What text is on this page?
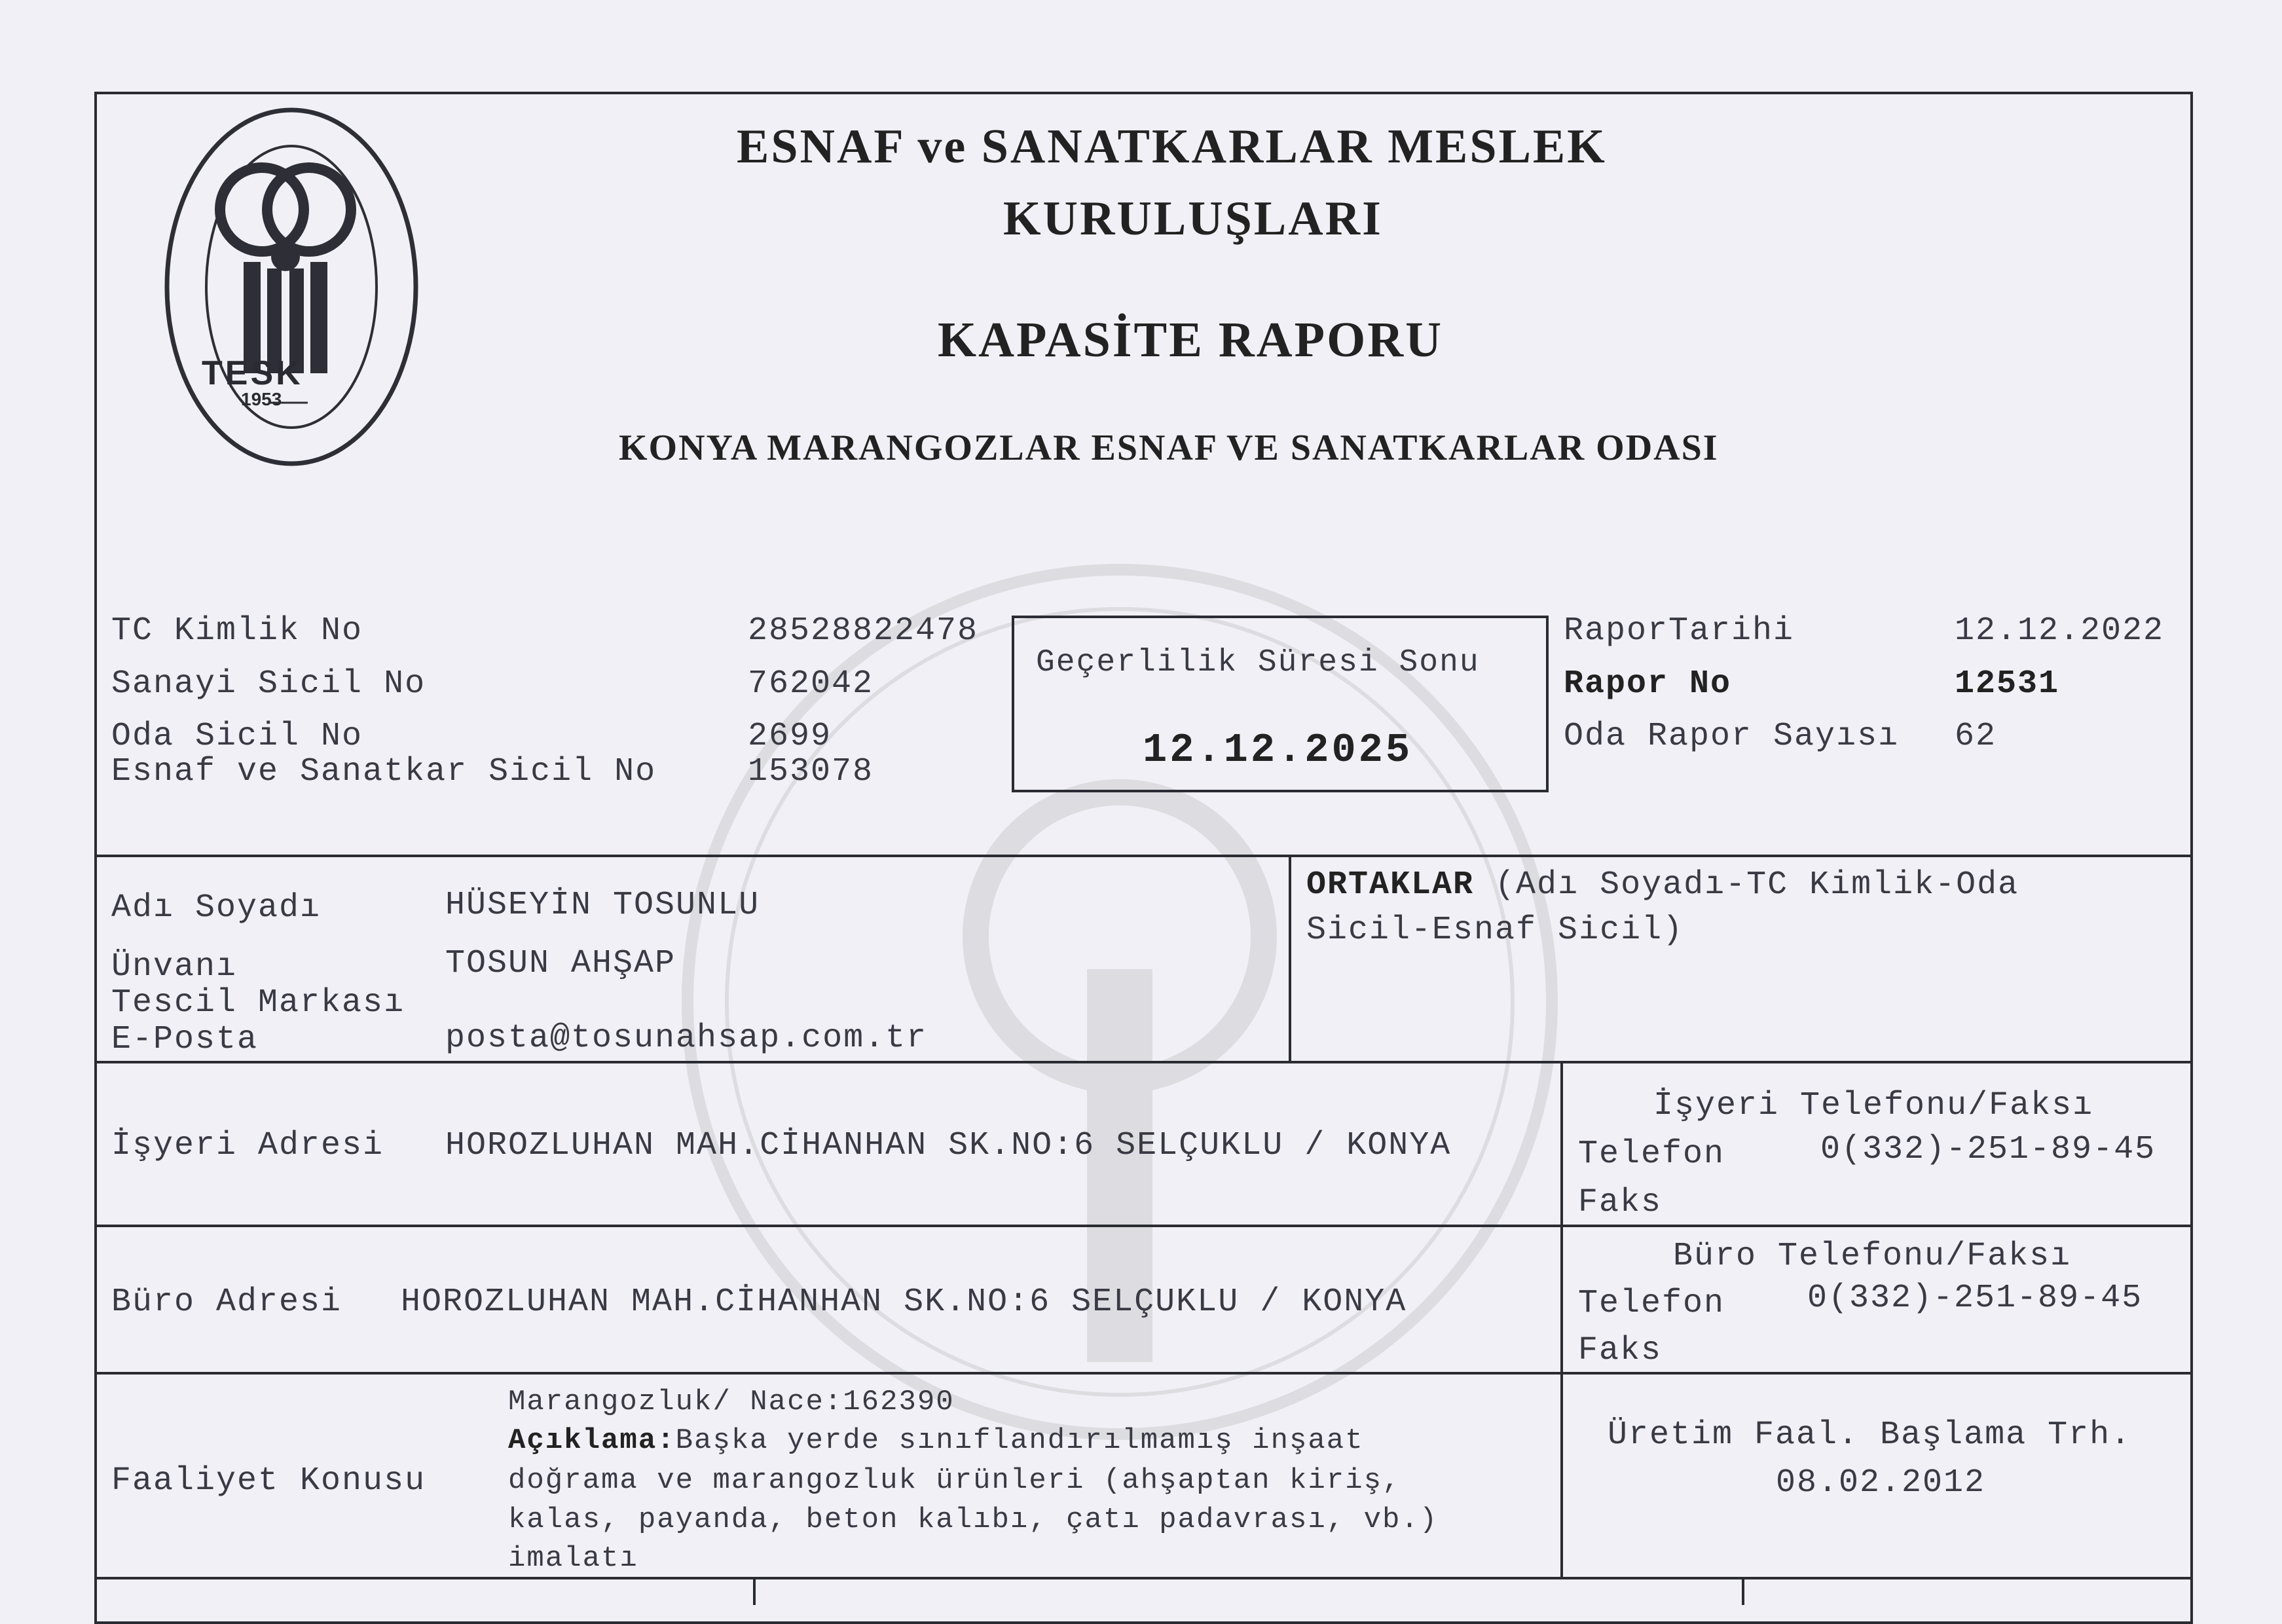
TESK
1953
ESNAF ve SANATKARLAR MESLEK
KURULUŞLARI
KAPASİTE RAPORU
KONYA MARANGOZLAR ESNAF VE SANATKARLAR ODASI
TC Kimlik No	28528822478
Sanayi Sicil No	762042
Oda Sicil No	2699
Esnaf ve Sanatkar Sicil No	153078
Geçerlilik Süresi Sonu
12.12.2025
RaporTarihi	12.12.2022
Rapor No	12531
Oda Rapor Sayısı 62
Adı Soyadı	HÜSEYİN TOSUNLU
Ünvanı	TOSUN AHŞAP
Tescil Markası
E-Posta	posta@tosunahsap.com.tr
ORTAKLAR (Adı Soyadı-TC Kimlik-Oda
Sicil-Esnaf Sicil)
İşyeri Adresi HOROZLUHAN MAH.CİHANHAN SK.NO:6 SELÇUKLU / KONYA
İşyeri Telefonu/Faksı
Telefon	0(332)-251-89-45
Faks
Büro Adresi HOROZLUHAN MAH.CİHANHAN SK.NO:6 SELÇUKLU / KONYA
Büro Telefonu/Faksı
Telefon	0(332)-251-89-45
Faks
Faaliyet Konusu
Marangozluk/ Nace:162390
Açıklama:Başka yerde sınıflandırılmamış inşaat
doğrama ve marangozluk ürünleri (ahşaptan kiriş,
kalas, payanda, beton kalıbı, çatı padavrası, vb.)
imalatı
Üretim Faal. Başlama Trh.
08.02.2012
